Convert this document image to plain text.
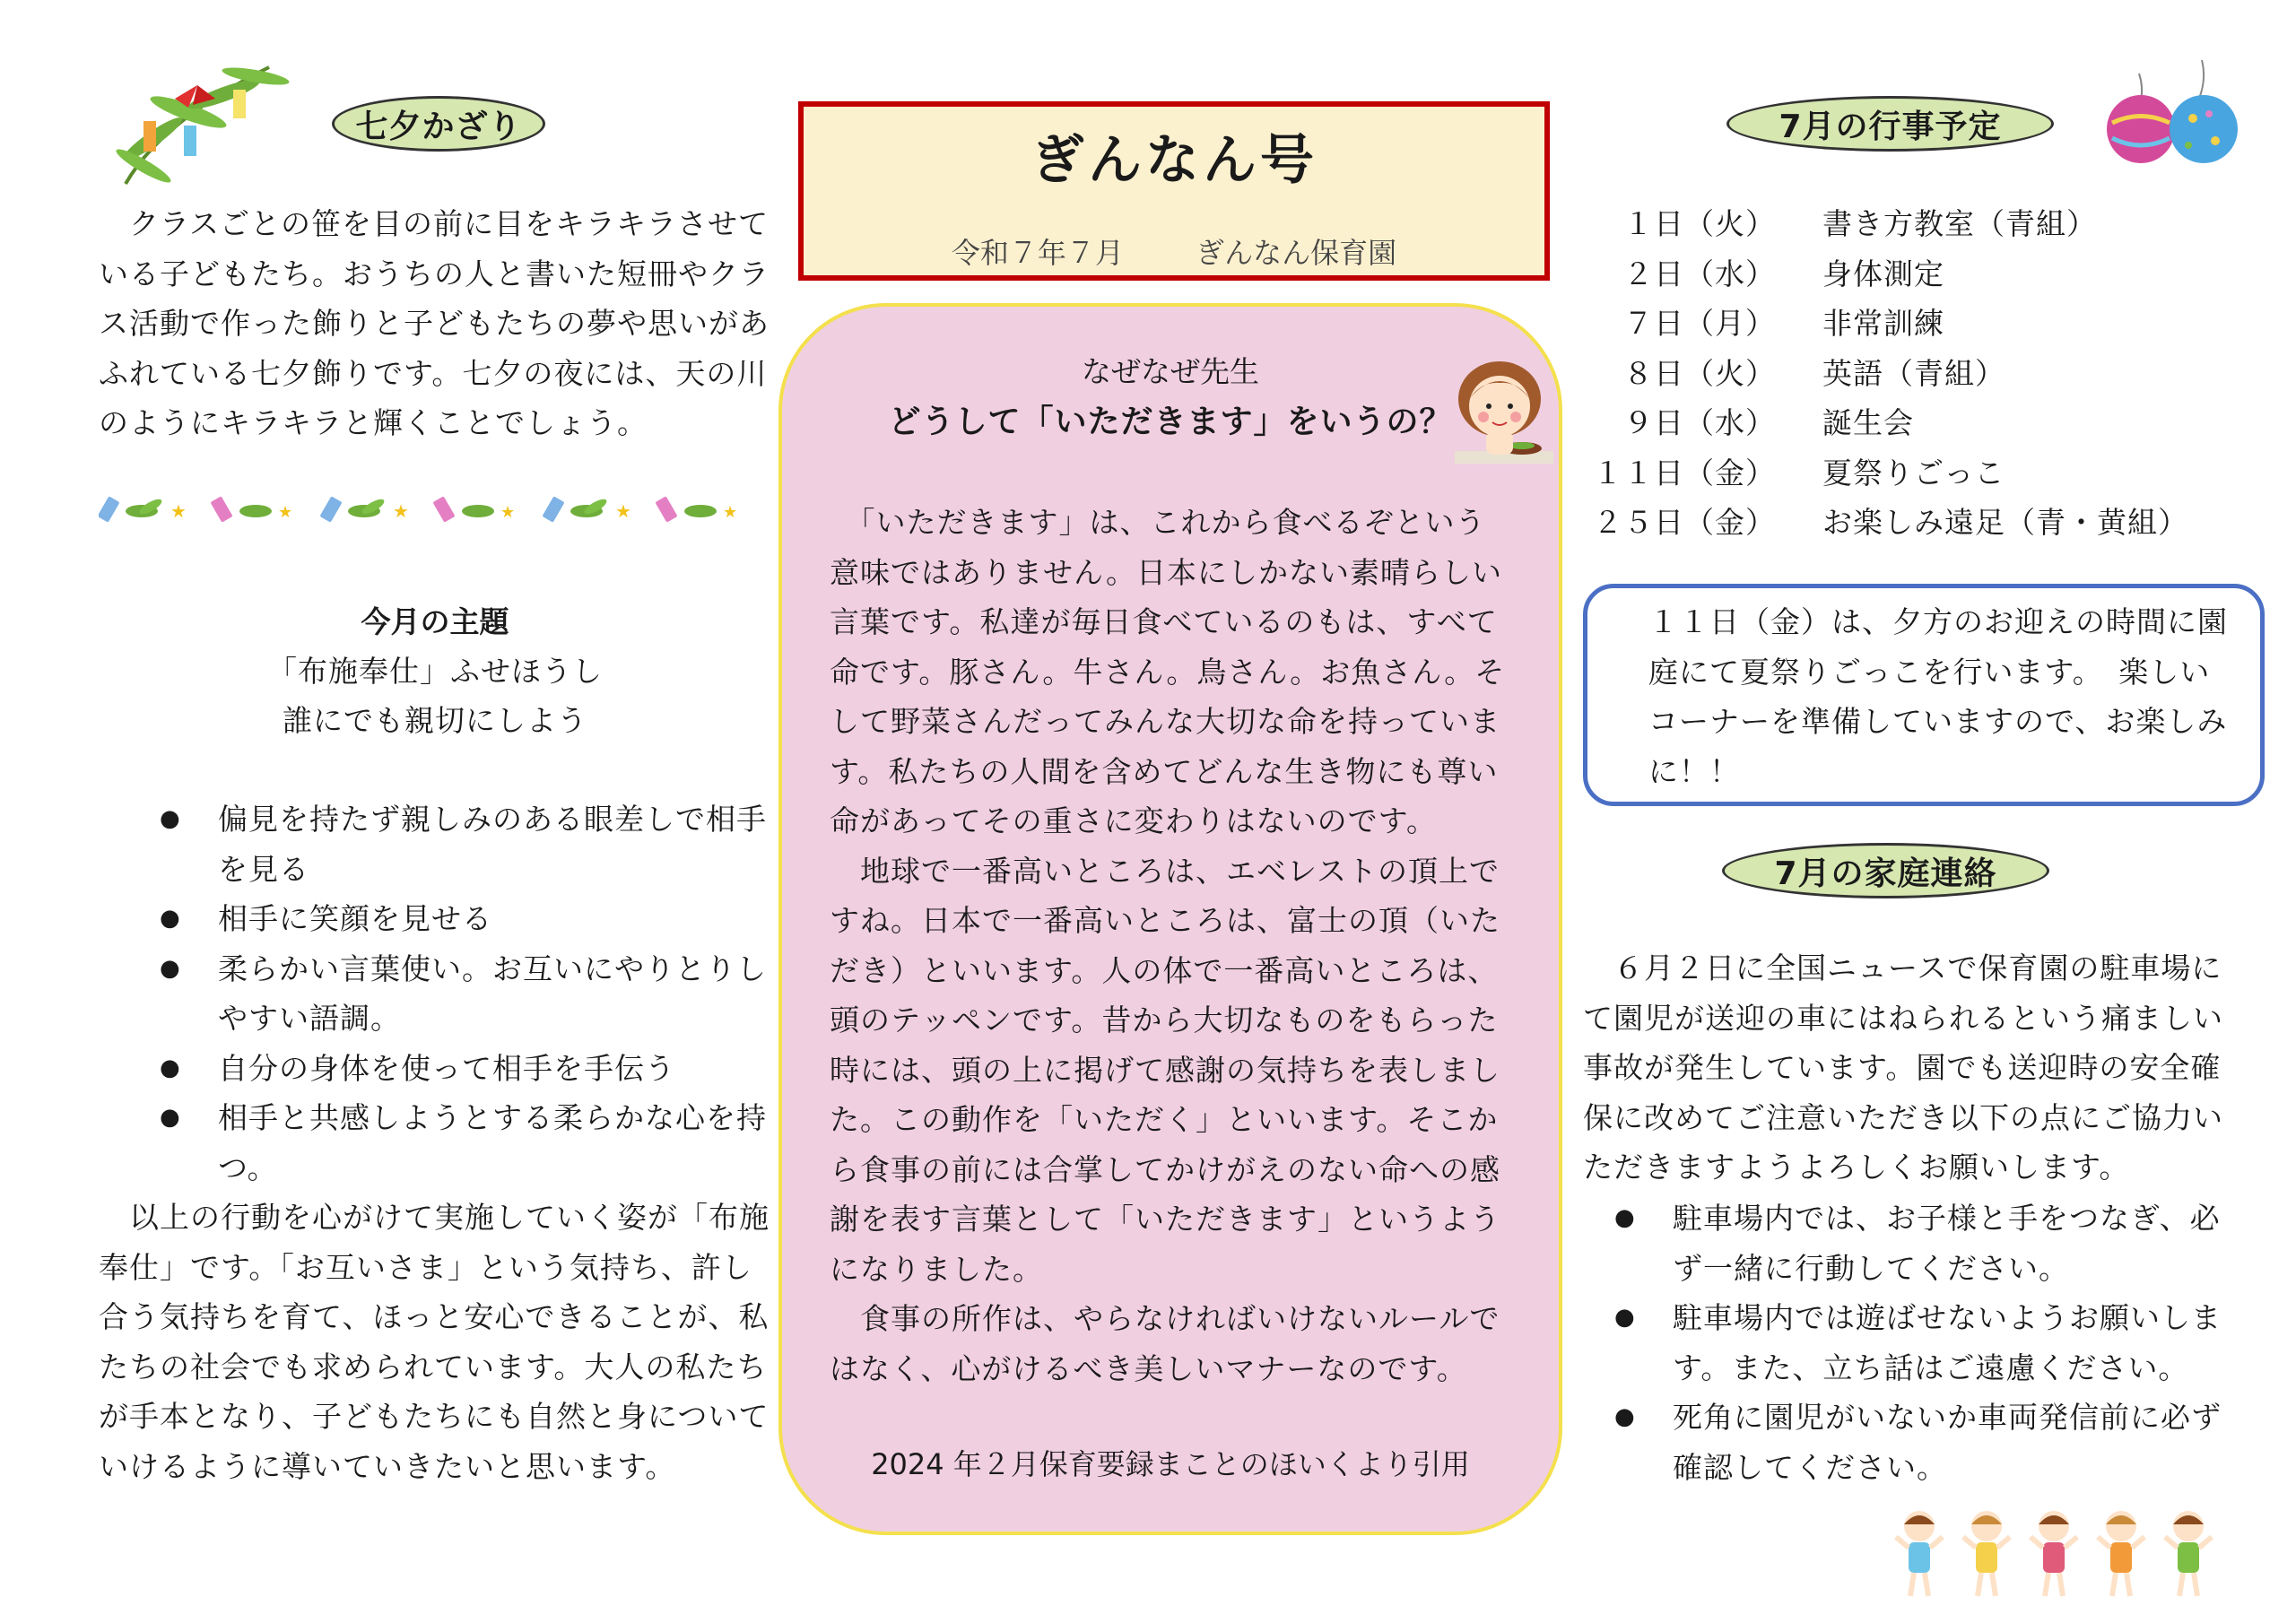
七夕かざり
　クラスごとの笹を目の前に目をキラキラさせている子どもたち。おうちの人と書いた短冊やクラス活動で作った飾りと子どもたちの夢や思いがあふれている七夕飾りです。七夕の夜には、天の川のようにキラキラと輝くことでしょう。
★	★
今月の主題
「布施奉仕」ふせほうし
誰にでも親切にしよう
● 偏見を持たず親しみのある眼差しで相手を見る
● 相手に笑顔を見せる
● 柔らかい言葉使い。お互いにやりとりしやすい語調。
● 自分の身体を使って相手を手伝う
● 相手と共感しようとする柔らかな心を持つ。
　以上の行動を心がけて実施していく姿が「布施奉仕」です。「お互いさま」という気持ち、許し合う気持ちを育て、ほっと安心できることが、私たちの社会でも求められています。大人の私たちが手本となり、子どもたちにも自然と身についていけるように導いていきたいと思います。
ぎんなん号
令和７年７月	ぎんなん保育園
なぜなぜ先生
どうして「いただきます」をいうの？
　「いただきます」は、これから食べるぞという意味ではありません。日本にしかない素晴らしい言葉です。私達が毎日食べているのもは、すべて命です。豚さん。牛さん。鳥さん。お魚さん。そして野菜さんだってみんな大切な命を持っています。私たちの人間を含めてどんな生き物にも尊い命があってその重さに変わりはないのです。
　地球で一番高いところは、エベレストの頂上ですね。日本で一番高いところは、富士の頂（いただき）といいます。人の体で一番高いところは、頭のテッペンです。昔から大切なものをもらった時には、頭の上に掲げて感謝の気持ちを表しました。この動作を「いただく」といいます。そこから食事の前には合掌してかけがえのない命への感謝を表す言葉として「いただきます」というようになりました。
　食事の所作は、やらなければいけないルールではなく、心がけるべき美しいマナーなのです。
2024 年２月保育要録まことのほいくより引用
7月の行事予定
１日（火） 書き方教室（青組）
２日（水） 身体測定
７日（月） 非常訓練
８日（火） 英語（青組）
９日（水） 誕生会
１１日（金） 夏祭りごっこ
２５日（金） お楽しみ遠足（青・黄組）
１１日（金）は、夕方のお迎えの時間に園庭にて夏祭りごっこを行います。　楽しいコーナーを準備していますので、お楽しみに！！
7月の家庭連絡
　６月２日に全国ニュースで保育園の駐車場にて園児が送迎の車にはねられるという痛ましい事故が発生しています。園でも送迎時の安全確保に改めてご注意いただき以下の点にご協力いただきますようよろしくお願いします。
● 駐車場内では、お子様と手をつなぎ、必ず一緒に行動してください。
● 駐車場内では遊ばせないようお願いします。また、立ち話はご遠慮ください。
● 死角に園児がいないか車両発信前に必ず確認してください。
